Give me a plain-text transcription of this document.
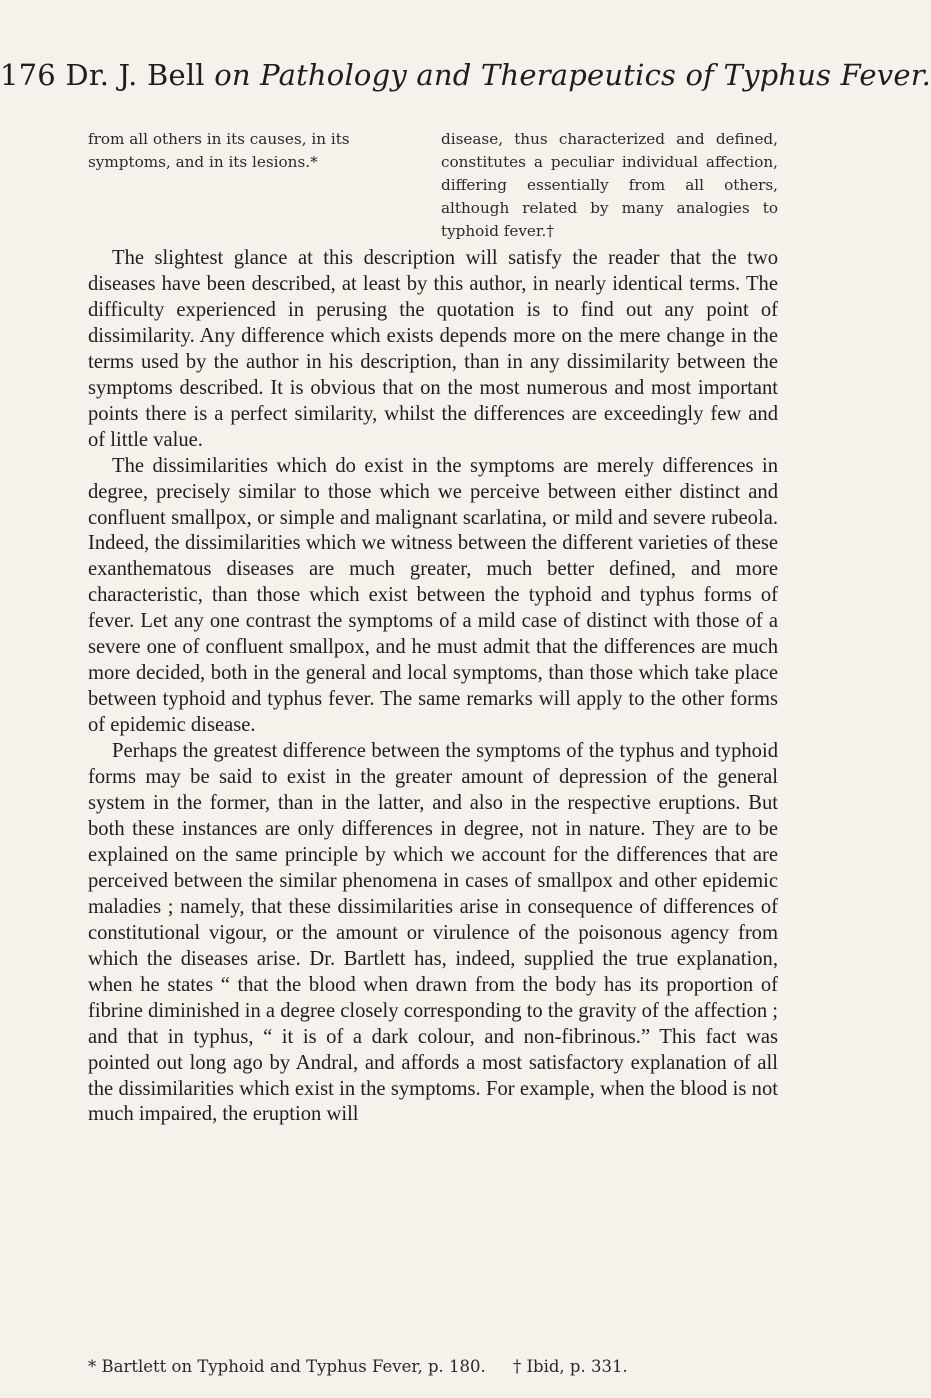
176 Dr. J. Bell on Pathology and Therapeutics of Typhus Fever.
from all others in its causes, in its symptoms, and in its lesions.*
disease, thus characterized and defined, constitutes a peculiar individual affection, differing essentially from all others, although related by many analogies to typhoid fever.†

The slightest glance at this description will satisfy the reader that the two diseases have been described, at least by this author, in nearly identical terms. The difficulty experienced in perusing the quotation is to find out any point of dissimilarity. Any difference which exists depends more on the mere change in the terms used by the author in his description, than in any dissimilarity between the symptoms described. It is obvious that on the most numerous and most important points there is a perfect similarity, whilst the differences are exceedingly few and of little value.

The dissimilarities which do exist in the symptoms are merely differences in degree, precisely similar to those which we perceive between either distinct and confluent smallpox, or simple and malignant scarlatina, or mild and severe rubeola. Indeed, the dissimilarities which we witness between the different varieties of these exanthematous diseases are much greater, much better defined, and more characteristic, than those which exist between the typhoid and typhus forms of fever. Let any one contrast the symptoms of a mild case of distinct with those of a severe one of confluent smallpox, and he must admit that the differences are much more decided, both in the general and local symptoms, than those which take place between typhoid and typhus fever. The same remarks will apply to the other forms of epidemic disease.

Perhaps the greatest difference between the symptoms of the typhus and typhoid forms may be said to exist in the greater amount of depression of the general system in the former, than in the latter, and also in the respective eruptions. But both these instances are only differences in degree, not in nature. They are to be explained on the same principle by which we account for the differences that are perceived between the similar phenomena in cases of smallpox and other epidemic maladies ; namely, that these dissimilarities arise in consequence of differences of constitutional vigour, or the amount or virulence of the poisonous agency from which the diseases arise. Dr. Bartlett has, indeed, supplied the true explanation, when he states “ that the blood when drawn from the body has its proportion of fibrine diminished in a degree closely corresponding to the gravity of the affection ; and that in typhus, “ it is of a dark colour, and non-fibrinous.” This fact was pointed out long ago by Andral, and affords a most satisfactory explanation of all the dissimilarities which exist in the symptoms. For example, when the blood is not much impaired, the eruption will

* Bartlett on Typhoid and Typhus Fever, p. 180. † Ibid, p. 331.
